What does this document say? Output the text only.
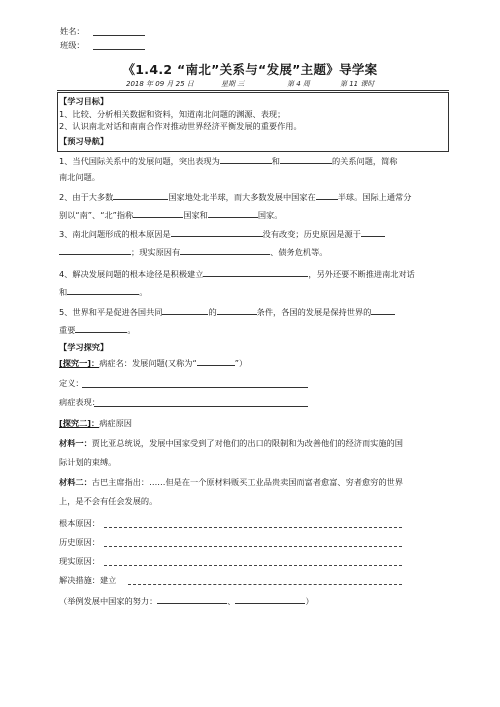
姓名：
班级：
《1.4.2 “南北”关系与“发展”主题》导学案
2018 年 09 月 25 日	星期 三	第 4 周	第 11 课时
【学习目标】
1、比较、分析相关数据和资料，知道南北问题的渊源、表现；
2、认识南北对话和南南合作对推动世界经济平衡发展的重要作用。
【预习导航】
1、当代国际关系中的发展问题，突出表现为	和	的关系问题，简称
南北问题。
2、由于大多数	国家地处北半球，而大多数发展中国家在	半球。国际上通常分
别以“南”、“北”指称	国家和	国家。
3、南北问题形成的根本原因是	没有改变；历史原因是源于
；现实原因有	、债务危机等。
4、解决发展问题的根本途径是积极建立	，另外还要不断推进南北对话
和	。
5、世界和平是促进各国共同	的	条件，各国的发展是保持世界的
重要	。
【学习探究】
[探究一]：病症名：发展问题(又称为“	”）
定义：
病症表现：
[探究二]：病症原因
材料一：贾比亚总统说，发展中国家受到了对他们的出口的限制和为改善他们的经济而实施的国
际计划的束缚。
材料二：古巴主席指出：……但是在一个原材料贩买工业品贵卖国而富者愈富、穷者愈穷的世界
上，是不会有任会发展的。
根本原因：
历史原因：
现实原因：
解决措施：建立
（举例发展中国家的努力：	、	）
